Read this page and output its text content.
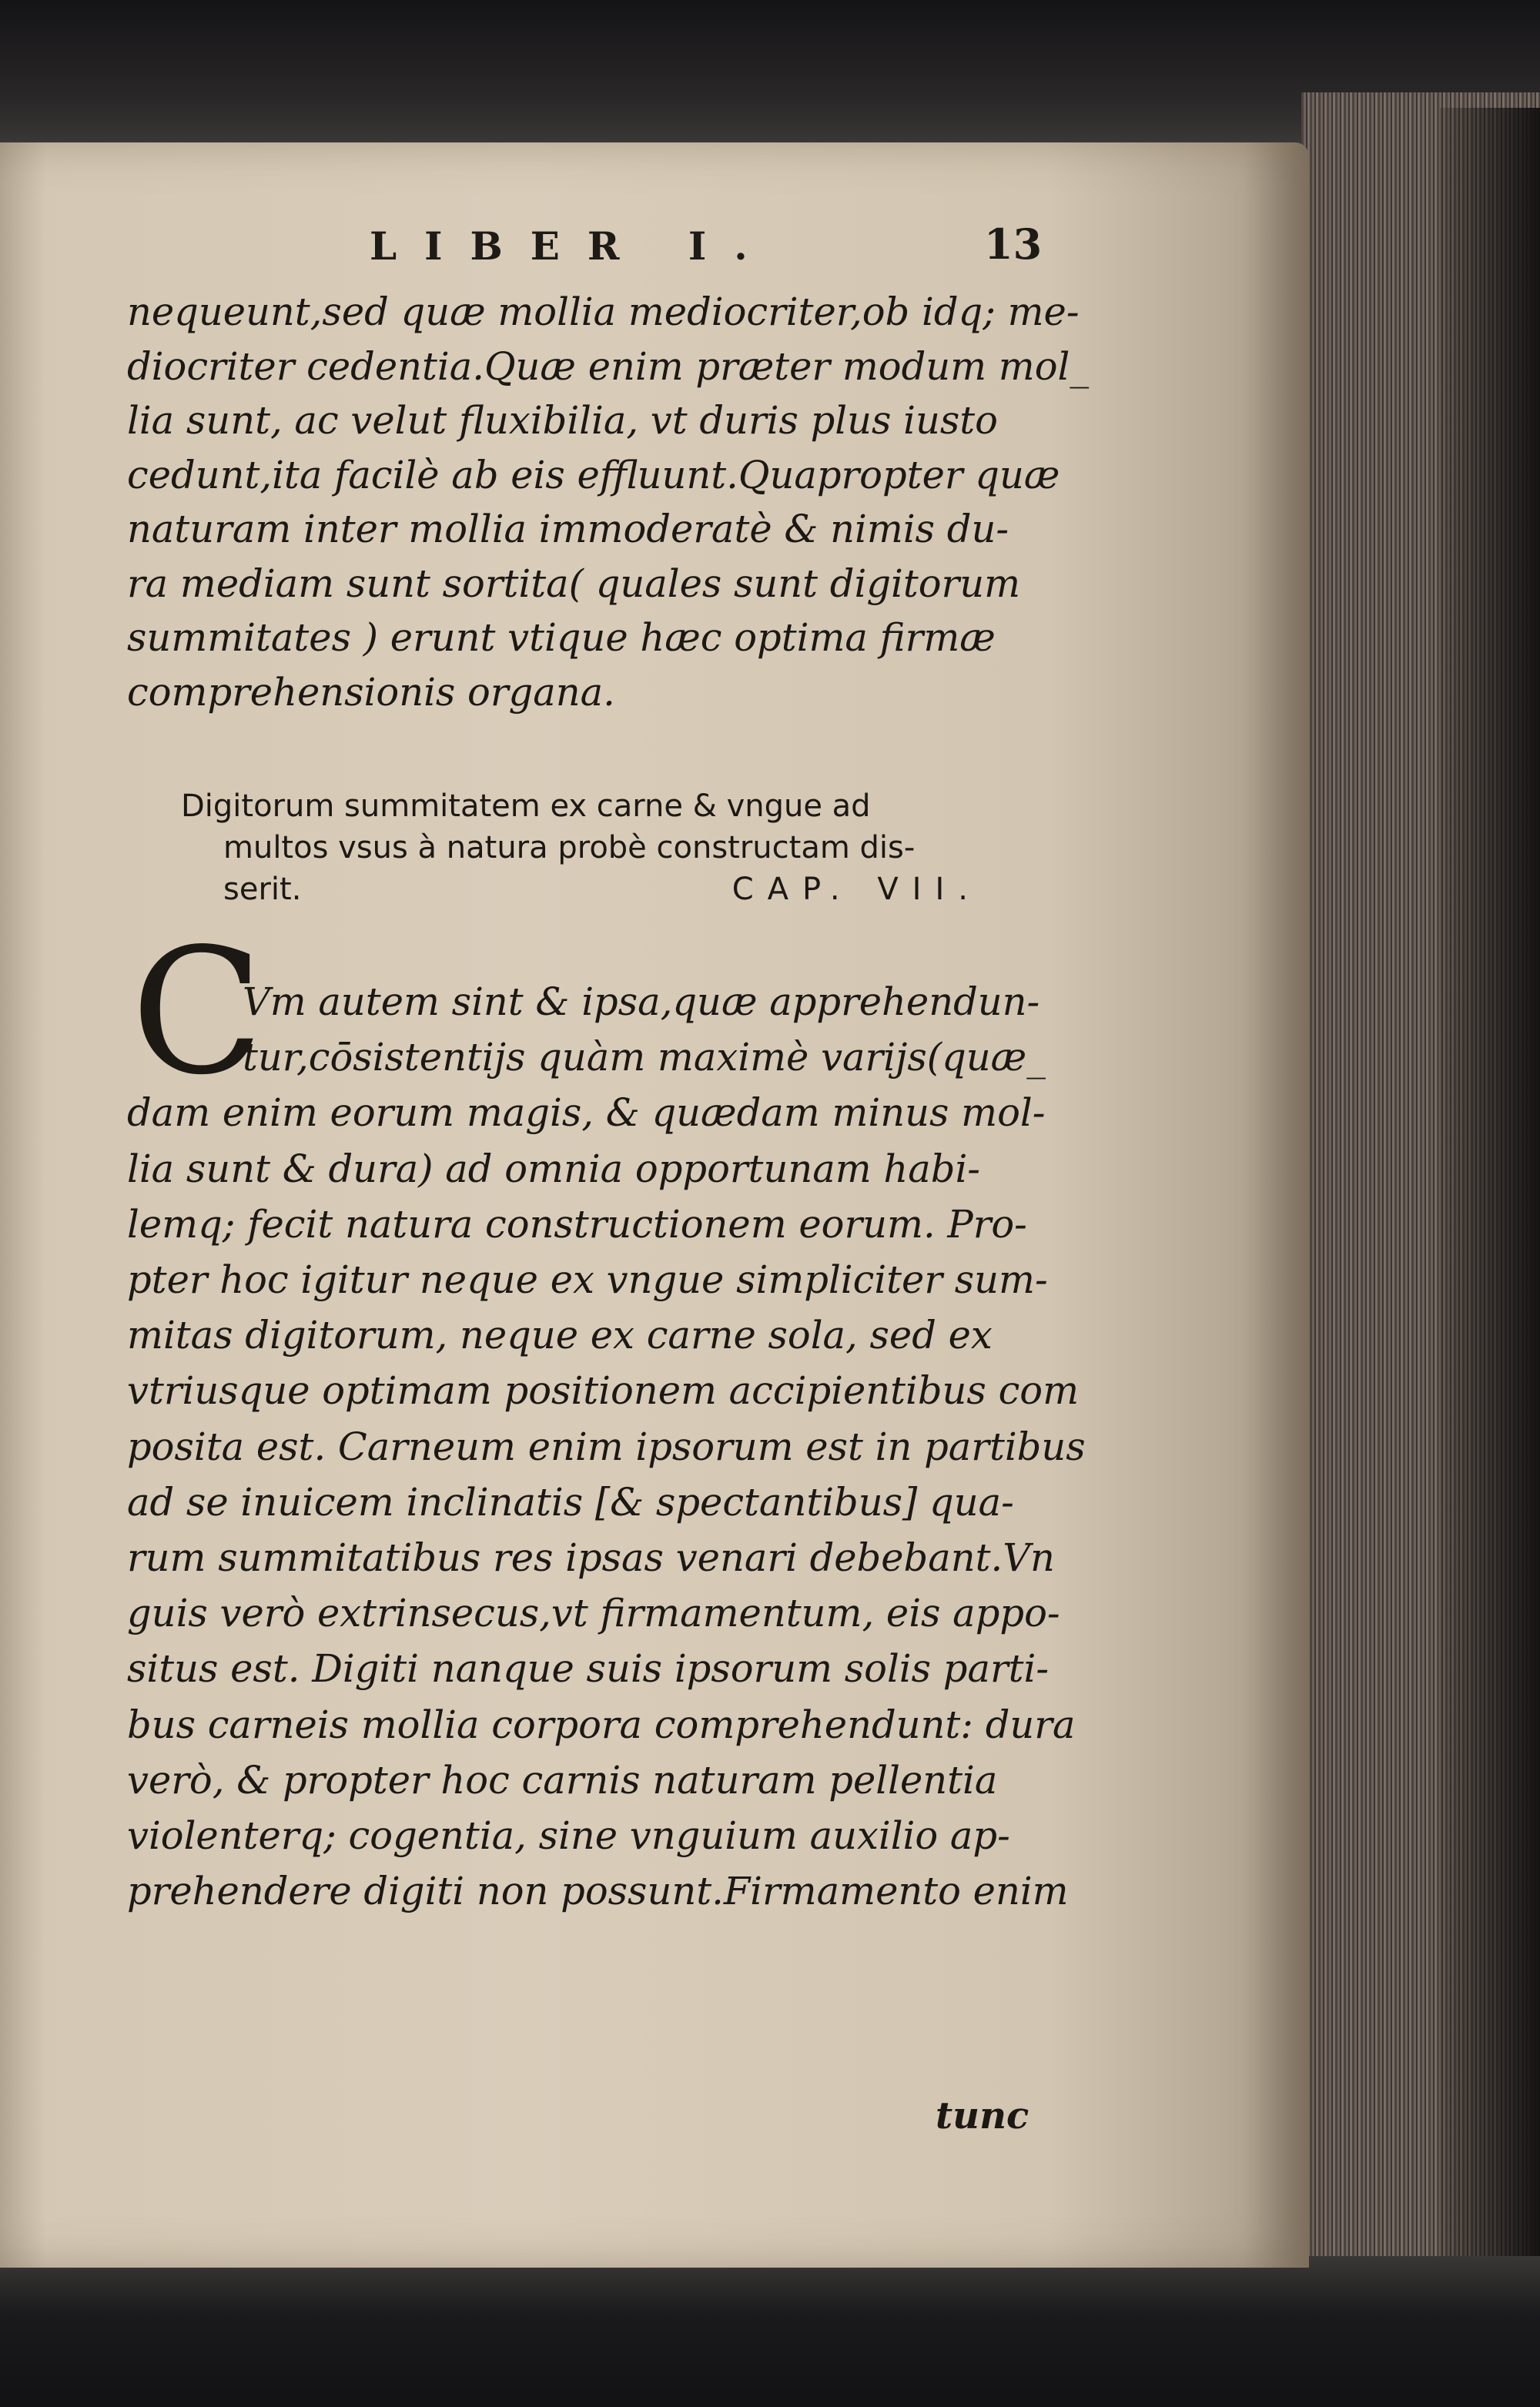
LIBER I.	13
nequeunt,sed quæ mollia mediocriter,ob idq; me-
diocriter cedentia.Quæ enim præter modum mol_
lia sunt, ac velut fluxibilia, vt duris plus iusto
cedunt,ita facilè ab eis effluunt.Quapropter quæ
naturam inter mollia immoderatè & nimis du-
ra mediam sunt sortita( quales sunt digitorum
summitates ) erunt vtique hæc optima firmæ
comprehensionis organa.
Digitorum summitatem ex carne & vngue ad
multos vsus à natura probè constructam dis-
serit.	CAP. VII.
C
Vm autem sint & ipsa,quæ apprehendun-
tur,cōsistentijs quàm maximè varijs(quæ_
dam enim eorum magis, & quædam minus mol-
lia sunt & dura) ad omnia opportunam habi-
lemq; fecit natura constructionem eorum. Pro-
pter hoc igitur neque ex vngue simpliciter sum-
mitas digitorum, neque ex carne sola, sed ex
vtriusque optimam positionem accipientibus com
posita est. Carneum enim ipsorum est in partibus
ad se inuicem inclinatis [& spectantibus] qua-
rum summitatibus res ipsas venari debebant.Vn
guis verò extrinsecus,vt firmamentum, eis appo-
situs est. Digiti nanque suis ipsorum solis parti-
bus carneis mollia corpora comprehendunt: dura
verò, & propter hoc carnis naturam pellentia
violenterq; cogentia, sine vnguium auxilio ap-
prehendere digiti non possunt.Firmamento enim
tunc
